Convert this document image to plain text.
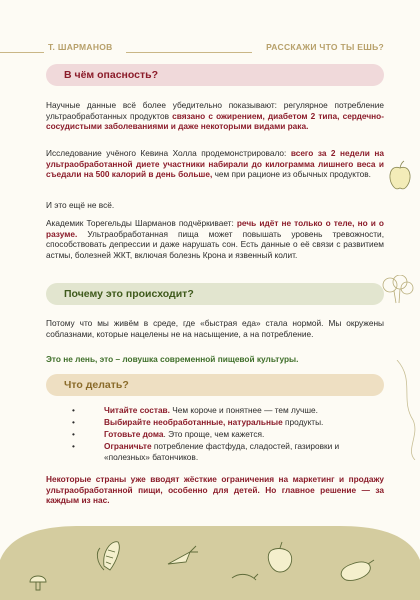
Т. ШАРМАНОВ	РАССКАЖИ ЧТО ТЫ ЕШЬ?
В чём опасность?

Научные данные всё более убедительно показывают: регулярное потребление ультраобработанных продуктов связано с ожирением, диабетом 2 типа, сердечно-сосудистыми заболеваниями и даже некоторыми видами рака.

Исследование учёного Кевина Холла продемонстрировало: всего за 2 недели на ультраобработанной диете участники набирали до килограмма лишнего веса и съедали на 500 калорий в день больше, чем при рационе из обычных продуктов.

И это ещё не всё.

Академик Торегельды Шарманов подчёркивает: речь идёт не только о теле, но и о разуме. Ультраобработанная пища может повышать уровень тревожности, способствовать депрессии и даже нарушать сон. Есть данные о её связи с развитием астмы, болезней ЖКТ, включая болезнь Крона и язвенный колит.

Почему это происходит?

Потому что мы живём в среде, где «быстрая еда» стала нормой. Мы окружены соблазнами, которые нацелены не на насыщение, а на потребление.

Это не лень, это – ловушка современной пищевой культуры.

Что делать?
• Читайте состав. Чем короче и понятнее — тем лучше.
• Выбирайте необработанные, натуральные продукты.
• Готовьте дома. Это проще, чем кажется.
• Ограничьте потребление фастфуда, сладостей, газировки и «полезных» батончиков.

Некоторые страны уже вводят жёсткие ограничения на маркетинг и продажу ультраобработанной пищи, особенно для детей. Но главное решение — за каждым из нас.
